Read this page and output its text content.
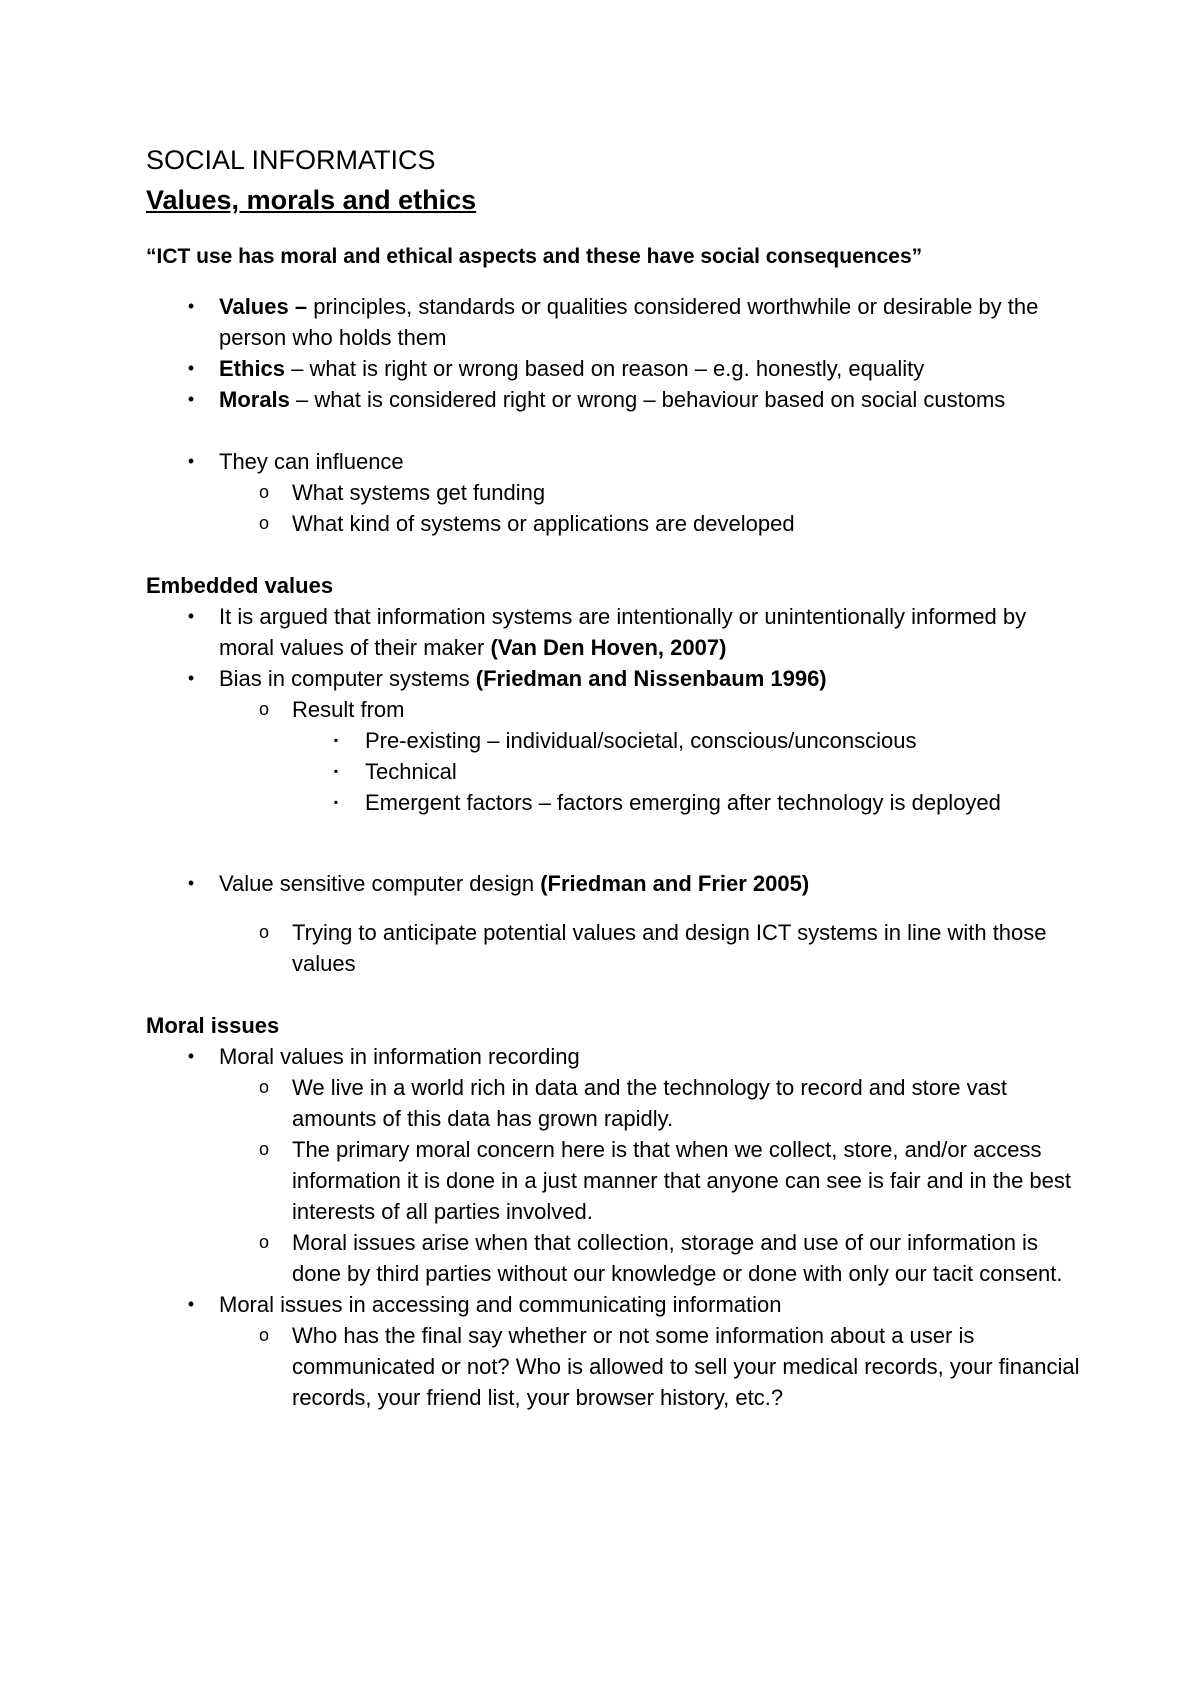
SOCIAL INFORMATICS
Values, morals and ethics
“ICT use has moral and ethical aspects and these have social consequences”
•	Values – principles, standards or qualities considered worthwhile or desirable by the person who holds them
•	Ethics – what is right or wrong based on reason – e.g. honestly, equality
•	Morals – what is considered right or wrong – behaviour based on social customs
•	They can influence
o What systems get funding
o What kind of systems or applications are developed
Embedded values
•	It is argued that information systems are intentionally or unintentionally informed by moral values of their maker (Van Den Hoven, 2007)
•	Bias in computer systems (Friedman and Nissenbaum 1996)
o Result from
▪	Pre-existing – individual/societal, conscious/unconscious
▪	Technical
▪	Emergent factors – factors emerging after technology is deployed
•	Value sensitive computer design (Friedman and Frier 2005)
o Trying to anticipate potential values and design ICT systems in line with those values
Moral issues
•	Moral values in information recording
o We live in a world rich in data and the technology to record and store vast amounts of this data has grown rapidly.
o The primary moral concern here is that when we collect, store, and/or access information it is done in a just manner that anyone can see is fair and in the best interests of all parties involved.
o Moral issues arise when that collection, storage and use of our information is done by third parties without our knowledge or done with only our tacit consent.
•	Moral issues in accessing and communicating information
o Who has the final say whether or not some information about a user is communicated or not? Who is allowed to sell your medical records, your financial records, your friend list, your browser history, etc.?
